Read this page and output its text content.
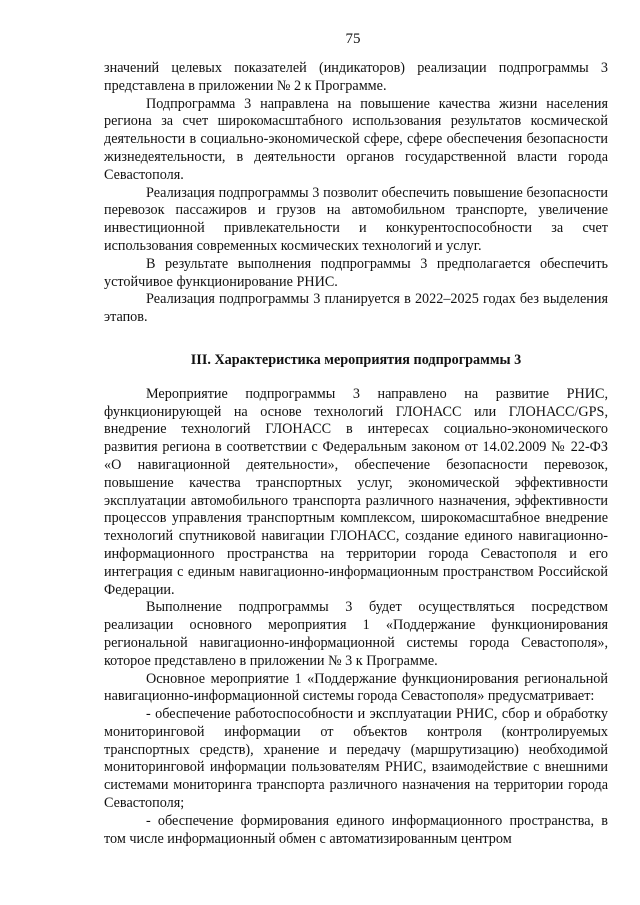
75

значений целевых показателей (индикаторов) реализации подпрограммы 3 представлена в приложении № 2 к Программе.

Подпрограмма 3 направлена на повышение качества жизни населения региона за счет широкомасштабного использования результатов космической деятельности в социально-экономической сфере, сфере обеспечения безопасности жизнедеятельности, в деятельности органов государственной власти города Севастополя.

Реализация подпрограммы 3 позволит обеспечить повышение безопасности перевозок пассажиров и грузов на автомобильном транспорте, увеличение инвестиционной привлекательности и конкурентоспособности за счет использования современных космических технологий и услуг.

В результате выполнения подпрограммы 3 предполагается обеспечить устойчивое функционирование РНИС.

Реализация подпрограммы 3 планируется в 2022–2025 годах без выделения этапов.

III. Характеристика мероприятия подпрограммы 3

Мероприятие подпрограммы 3 направлено на развитие РНИС, функционирующей на основе технологий ГЛОНАСС или ГЛОНАСС/GPS, внедрение технологий ГЛОНАСС в интересах социально-экономического развития региона в соответствии с Федеральным законом от 14.02.2009 № 22-ФЗ «О навигационной деятельности», обеспечение безопасности перевозок, повышение качества транспортных услуг, экономической эффективности эксплуатации автомобильного транспорта различного назначения, эффективности процессов управления транспортным комплексом, широкомасштабное внедрение технологий спутниковой навигации ГЛОНАСС, создание единого навигационно-информационного пространства на территории города Севастополя и его интеграция с единым навигационно-информационным пространством Российской Федерации.

Выполнение подпрограммы 3 будет осуществляться посредством реализации основного мероприятия 1 «Поддержание функционирования региональной навигационно-информационной системы города Севастополя», которое представлено в приложении № 3 к Программе.

Основное мероприятие 1 «Поддержание функционирования региональной навигационно-информационной системы города Севастополя» предусматривает:

- обеспечение работоспособности и эксплуатации РНИС, сбор и обработку мониторинговой информации от объектов контроля (контролируемых транспортных средств), хранение и передачу (маршрутизацию) необходимой мониторинговой информации пользователям РНИС, взаимодействие с внешними системами мониторинга транспорта различного назначения на территории города Севастополя;

- обеспечение формирования единого информационного пространства, в том числе информационный обмен с автоматизированным центром
